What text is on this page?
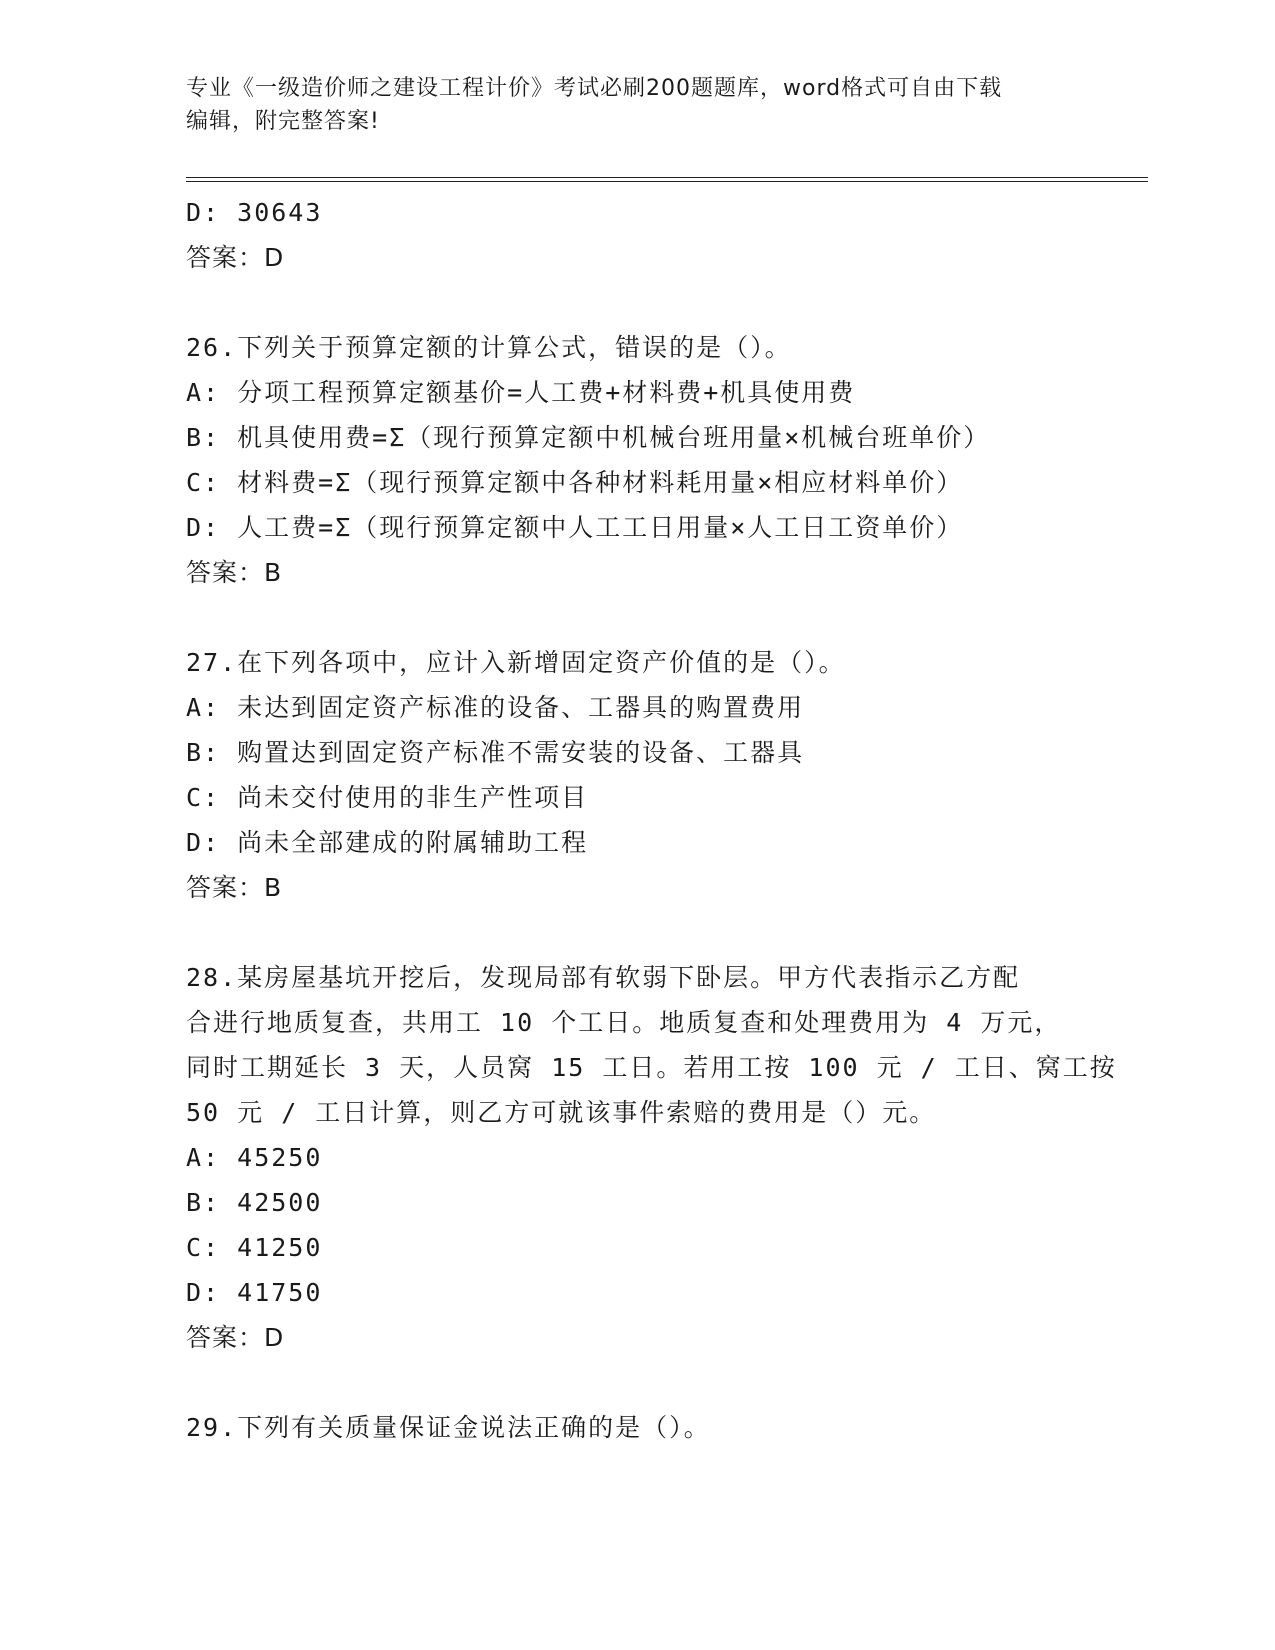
专业《一级造价师之建设工程计价》考试必刷200题题库，word格式可自由下载
编辑，附完整答案!

D: 30643

答案：D

26.下列关于预算定额的计算公式，错误的是（）。

A: 分项工程预算定额基价=人工费+材料费+机具使用费

B: 机具使用费=Σ（现行预算定额中机械台班用量×机械台班单价）

C: 材料费=Σ（现行预算定额中各种材料耗用量×相应材料单价）

D: 人工费=Σ（现行预算定额中人工工日用量×人工日工资单价）

答案：B

27.在下列各项中，应计入新增固定资产价值的是（）。

A: 未达到固定资产标准的设备、工器具的购置费用

B: 购置达到固定资产标准不需安装的设备、工器具

C: 尚未交付使用的非生产性项目

D: 尚未全部建成的附属辅助工程

答案：B

28.某房屋基坑开挖后，发现局部有软弱下卧层。甲方代表指示乙方配

合进行地质复查，共用工 10 个工日。地质复查和处理费用为 4 万元，

同时工期延长 3 天，人员窝 15 工日。若用工按 100 元 / 工日、窝工按

50 元 / 工日计算，则乙方可就该事件索赔的费用是（）元。

A: 45250

B: 42500

C: 41250

D: 41750

答案：D

29.下列有关质量保证金说法正确的是（）。
